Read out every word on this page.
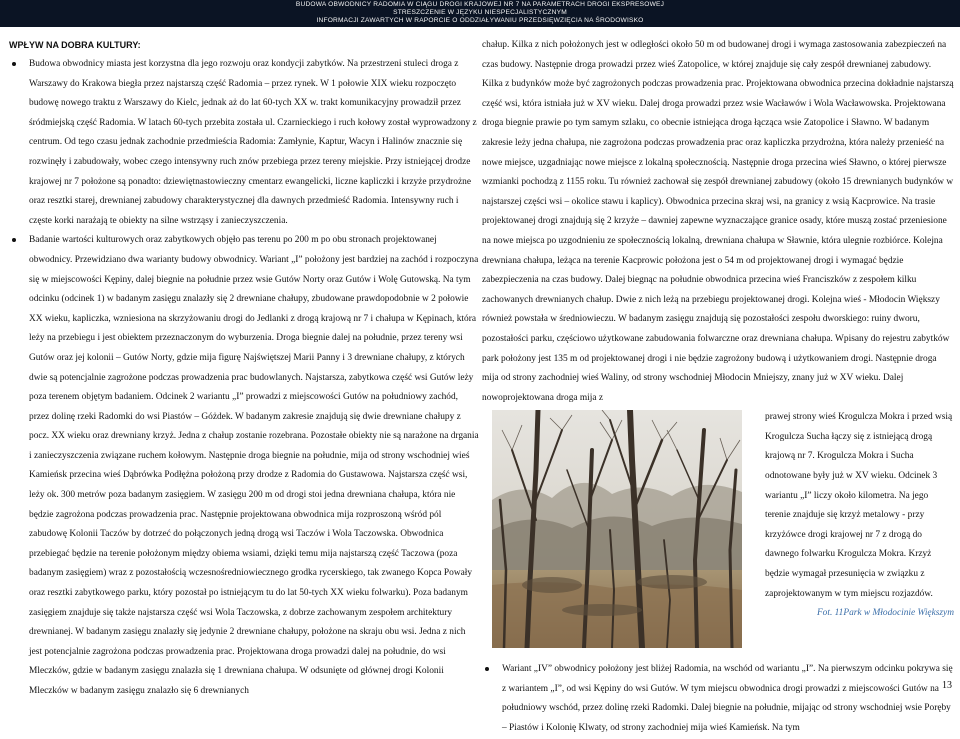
BUDOWA OBWODNICY RADOMIA W CIĄGU DROGI KRAJOWEJ NR 7 NA PARAMETRACH DROGI EKSPRESOWEJ
STRESZCZENIE W JĘZYKU NIESPECJALISTYCZNYM
INFORMACJI ZAWARTYCH W RAPORCIE O ODDZIAŁYWANIU PRZEDSIĘWZIĘCIA NA ŚRODOWISKO

WPŁYW NA DOBRA KULTURY:

Budowa obwodnicy miasta jest korzystna dla jego rozwoju oraz kondycji zabytków. Na przestrzeni stuleci droga z Warszawy do Krakowa biegła przez najstarszą część Radomia – przez rynek. W 1 połowie XIX wieku rozpoczęto budowę nowego traktu z Warszawy do Kielc, jednak aż do lat 60-tych XX w. trakt komunikacyjny prowadził przez śródmiejską część Radomia. W latach 60-tych przebita została ul. Czarnieckiego i ruch kołowy został wyprowadzony z centrum. Od tego czasu jednak zachodnie przedmieścia Radomia: Zamłynie, Kaptur, Wacyn i Halinów znacznie się rozwinęły i zabudowały, wobec czego intensywny ruch znów przebiega przez tereny miejskie. Przy istniejącej drodze krajowej nr 7 położone są ponadto: dziewiętnastowieczny cmentarz ewangelicki, liczne kapliczki i krzyże przydrożne oraz resztki starej, drewnianej zabudowy charakterystycznej dla dawnych przedmieść Radomia. Intensywny ruch i częste korki narażają te obiekty na silne wstrząsy i zanieczyszczenia.

Badanie wartości kulturowych oraz zabytkowych objęło pas terenu po 200 m po obu stronach projektowanej obwodnicy. Przewidziano dwa warianty budowy obwodnicy. Wariant „I” położony jest bardziej na zachód i rozpoczyna się w miejscowości Kępiny, dalej biegnie na południe przez wsie Gutów Norty oraz Gutów i Wolę Gutowską. Na tym odcinku (odcinek 1) w badanym zasięgu znalazły się 2 drewniane chałupy, zbudowane prawdopodobnie w 2 połowie XX wieku, kapliczka, wzniesiona na skrzyżowaniu drogi do Jedlanki z drogą krajową nr 7 i chałupa w Kępinach, która leży na przebiegu i jest obiektem przeznaczonym do wyburzenia. Droga biegnie dalej na południe, przez tereny wsi Gutów oraz jej kolonii – Gutów Norty, gdzie mija figurę Najświętszej Marii Panny i 3 drewniane chałupy, z których dwie są potencjalnie zagrożone podczas prowadzenia prac budowlanych. Najstarsza, zabytkowa część wsi Gutów leży poza terenem objętym badaniem. Odcinek 2 wariantu „I” prowadzi z miejscowości Gutów na południowy zachód, przez dolinę rzeki Radomki do wsi Piastów – Góżdek. W badanym zakresie znajdują się dwie drewniane chałupy z pocz. XX wieku oraz drewniany krzyż. Jedna z chałup zostanie rozebrana. Pozostałe obiekty nie są narażone na drgania i zanieczyszczenia związane ruchem kołowym. Następnie droga biegnie na południe, mija od strony wschodniej wieś Kamieńsk przecina wieś Dąbrówka Podłężna położoną przy drodze z Radomia do Gustawowa. Najstarsza część wsi, leży ok. 300 metrów poza badanym zasięgiem. W zasięgu 200 m od drogi stoi jedna drewniana chałupa, która nie będzie zagrożona podczas prowadzenia prac. Następnie projektowana obwodnica mija rozproszoną wśród pól zabudowę Kolonii Taczów by dotrzeć do połączonych jedną drogą wsi Taczów i Wola Taczowska. Obwodnica przebiegać będzie na terenie położonym między obiema wsiami, dzięki temu mija najstarszą część Taczowa (poza badanym zasięgiem) wraz z pozostałością wczesnośredniowiecznego grodka rycerskiego, tak zwanego Kopca Powały oraz resztki zabytkowego parku, który pozostał po istniejącym tu do lat 50-tych XX wieku folwarku). Poza badanym zasięgiem znajduje się także najstarsza część wsi Wola Taczowska, z dobrze zachowanym zespołem architektury drewnianej. W badanym zasięgu znalazły się jedynie 2 drewniane chałupy, położone na skraju obu wsi. Jedna z nich jest potencjalnie zagrożona podczas prowadzenia prac. Projektowana droga prowadzi dalej na południe, do wsi Mleczków, gdzie w badanym zasięgu znalazła się 1 drewniana chałupa. W odsunięte od głównej drogi Kolonii Mleczków w badanym zasięgu znalazło się 6 drewnianych

chałup. Kilka z nich położonych jest w odległości około 50 m od budowanej drogi i wymaga zastosowania zabezpieczeń na czas budowy. Następnie droga prowadzi przez wieś Zatopolice, w której znajduje się cały zespół drewnianej zabudowy. Kilka z budynków może być zagrożonych podczas prowadzenia prac. Projektowana obwodnica przecina dokładnie najstarszą część wsi, która istniała już w XV wieku. Dalej droga prowadzi przez wsie Wacławów i Wola Wacławowska. Projektowana droga biegnie prawie po tym samym szlaku, co obecnie istniejąca droga łącząca wsie Zatopolice i Sławno. W badanym zakresie leży jedna chałupa, nie zagrożona podczas prowadzenia prac oraz kapliczka przydrożna, która należy przenieść na nowe miejsce, uzgadniając nowe miejsce z lokalną społecznością. Następnie droga przecina wieś Sławno, o której pierwsze wzmianki pochodzą z 1155 roku. Tu również zachował się zespół drewnianej zabudowy (około 15 drewnianych budynków w najstarszej części wsi – okolice stawu i kaplicy). Obwodnica przecina skraj wsi, na granicy z wsią Kacprowice. Na trasie projektowanej drogi znajdują się 2 krzyże – dawniej zapewne wyznaczające granice osady, które muszą zostać przeniesione na nowe miejsca po uzgodnieniu ze społecznością lokalną, drewniana chałupa w Sławnie, która ulegnie rozbiórce. Kolejna drewniana chałupa, leżąca na terenie Kacprowic położona jest o 54 m od projektowanej drogi i wymagać będzie zabezpieczenia na czas budowy. Dalej biegnąc na południe obwodnica przecina wieś Franciszków z zespołem kilku zachowanych drewnianych chałup. Dwie z nich leżą na przebiegu projektowanej drogi. Kolejna wieś - Młodocin Większy również powstała w średniowieczu. W badanym zasięgu znajdują się pozostałości zespołu dworskiego: ruiny dworu, pozostałości parku, częściowo użytkowane zabudowania folwarczne oraz drewniana chałupa. Wpisany do rejestru zabytków park położony jest 135 m od projektowanej drogi i nie będzie zagrożony budową i użytkowaniem drogi. Następnie droga mija od strony zachodniej wieś Waliny, od strony wschodniej Młodocin Mniejszy, znany już w XV wieku. Dalej nowoprojektowana droga mija z

prawej strony wieś Krogulcza Mokra i przed wsią Krogulcza Sucha łączy się z istniejącą drogą krajową nr 7. Krogulcza Mokra i Sucha odnotowane były już w XV wieku. Odcinek 3 wariantu „I” liczy około kilometra. Na jego terenie znajduje się krzyż metalowy - przy krzyżówce drogi krajowej nr 7 z drogą do dawnego folwarku Krogulcza Mokra. Krzyż będzie wymagał przesunięcia w związku z zaprojektowanym w tym miejscu rozjazdów.

Fot. 11Park w Młodocinie Większym

Wariant „IV” obwodnicy położony jest bliżej Radomia, na wschód od wariantu „I”. Na pierwszym odcinku pokrywa się z wariantem „I”, od wsi Kępiny do wsi Gutów. W tym miejscu obwodnica drogi prowadzi z miejscowości Gutów na południowy wschód, przez dolinę rzeki Radomki. Dalej biegnie na południe, mijając od strony wschodniej wsie Poręby – Piastów i Kolonię Klwaty, od strony zachodniej mija wieś Kamieńsk. Na tym

13
